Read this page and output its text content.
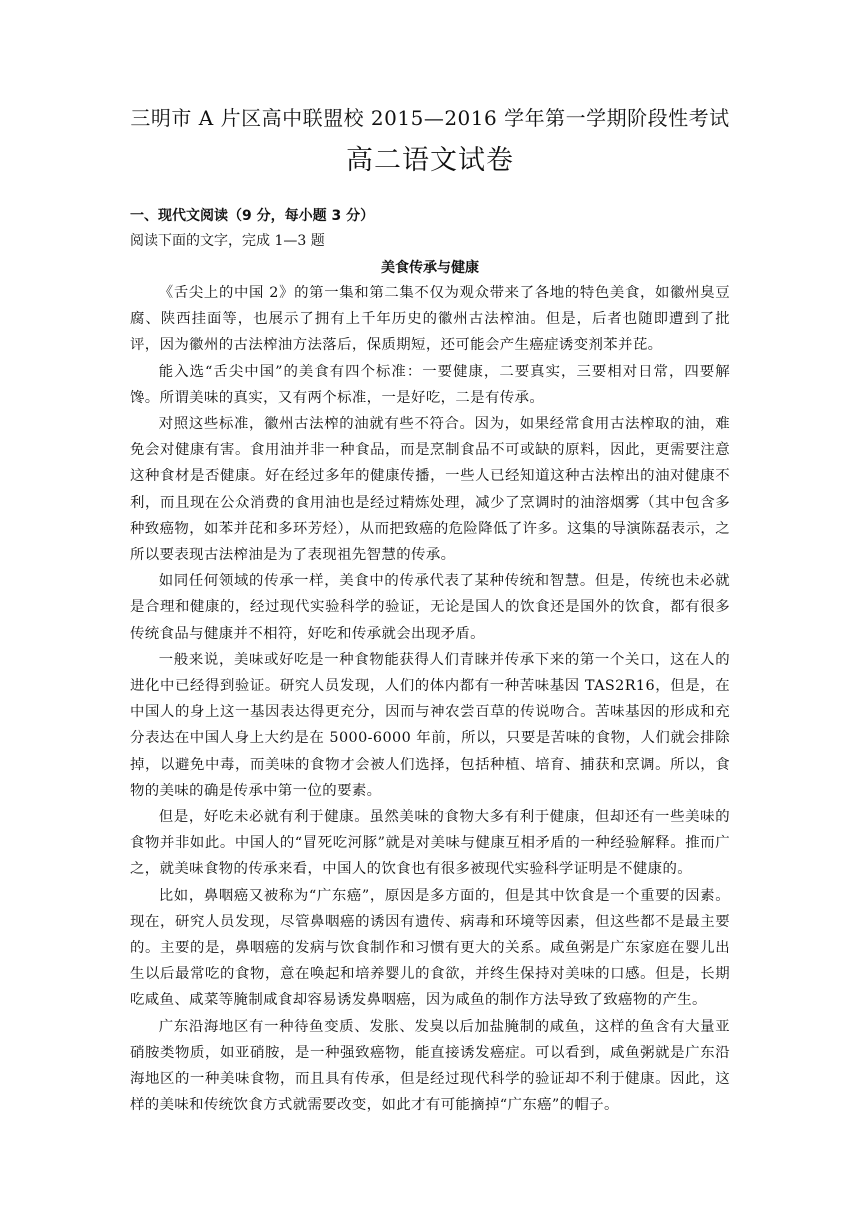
三明市 A 片区高中联盟校 2015—2016 学年第一学期阶段性考试
高二语文试卷
一、现代文阅读（9 分，每小题 3 分）
阅读下面的文字，完成 1—3 题
美食传承与健康

《舌尖上的中国 2》的第一集和第二集不仅为观众带来了各地的特色美食，如徽州臭豆腐、陕西挂面等，也展示了拥有上千年历史的徽州古法榨油。但是，后者也随即遭到了批评，因为徽州的古法榨油方法落后，保质期短，还可能会产生癌症诱变剂苯并芘。

能入选“舌尖中国”的美食有四个标准：一要健康，二要真实，三要相对日常，四要解馋。所谓美味的真实，又有两个标准，一是好吃，二是有传承。

对照这些标准，徽州古法榨的油就有些不符合。因为，如果经常食用古法榨取的油，难免会对健康有害。食用油并非一种食品，而是烹制食品不可或缺的原料，因此，更需要注意这种食材是否健康。好在经过多年的健康传播，一些人已经知道这种古法榨出的油对健康不利，而且现在公众消费的食用油也是经过精炼处理，减少了烹调时的油溶烟雾（其中包含多种致癌物，如苯并芘和多环芳烃），从而把致癌的危险降低了许多。这集的导演陈磊表示，之所以要表现古法榨油是为了表现祖先智慧的传承。

如同任何领域的传承一样，美食中的传承代表了某种传统和智慧。但是，传统也未必就是合理和健康的，经过现代实验科学的验证，无论是国人的饮食还是国外的饮食，都有很多传统食品与健康并不相符，好吃和传承就会出现矛盾。

一般来说，美味或好吃是一种食物能获得人们青睐并传承下来的第一个关口，这在人的进化中已经得到验证。研究人员发现，人们的体内都有一种苦味基因 TAS2R16，但是，在中国人的身上这一基因表达得更充分，因而与神农尝百草的传说吻合。苦味基因的形成和充分表达在中国人身上大约是在 5000-6000 年前，所以，只要是苦味的食物，人们就会排除掉，以避免中毒，而美味的食物才会被人们选择，包括种植、培育、捕获和烹调。所以，食物的美味的确是传承中第一位的要素。

但是，好吃未必就有利于健康。虽然美味的食物大多有利于健康，但却还有一些美味的食物并非如此。中国人的“冒死吃河豚”就是对美味与健康互相矛盾的一种经验解释。推而广之，就美味食物的传承来看，中国人的饮食也有很多被现代实验科学证明是不健康的。

比如，鼻咽癌又被称为“广东癌”，原因是多方面的，但是其中饮食是一个重要的因素。现在，研究人员发现，尽管鼻咽癌的诱因有遗传、病毒和环境等因素，但这些都不是最主要的。主要的是，鼻咽癌的发病与饮食制作和习惯有更大的关系。咸鱼粥是广东家庭在婴儿出生以后最常吃的食物，意在唤起和培养婴儿的食欲，并终生保持对美味的口感。但是，长期吃咸鱼、咸菜等腌制咸食却容易诱发鼻咽癌，因为咸鱼的制作方法导致了致癌物的产生。

广东沿海地区有一种待鱼变质、发胀、发臭以后加盐腌制的咸鱼，这样的鱼含有大量亚硝胺类物质，如亚硝胺，是一种强致癌物，能直接诱发癌症。可以看到，咸鱼粥就是广东沿海地区的一种美味食物，而且具有传承，但是经过现代科学的验证却不利于健康。因此，这样的美味和传统饮食方式就需要改变，如此才有可能摘掉“广东癌”的帽子。
